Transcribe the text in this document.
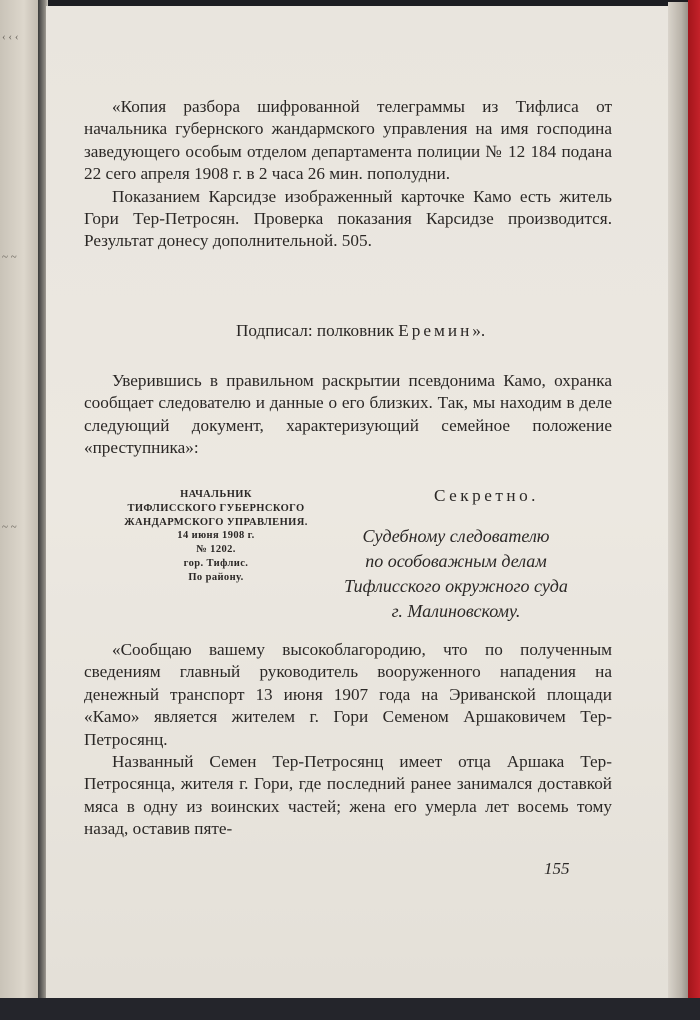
‹ ‹ ‹
~ ~
~ ~

«Копия разбора шифрованной телеграммы из Тифлиса от начальника губернского жандармского управления на имя господина заведующего особым отделом департамента полиции № 12 184 подана 22 сего апреля 1908 г. в 2 часа 26 мин. пополудни.

Показанием Карсидзе изображенный карточке Камо есть житель Гори Тер-Петросян. Проверка показания Карсидзе производится. Результат донесу дополнительной. 505.

Подписал: полковник Еремин».

Уверившись в правильном раскрытии псевдонима Камо, охранка сообщает следователю и данные о его близких. Так, мы находим в деле следующий документ, характеризующий семейное положение «преступника»:

НАЧАЛЬНИК
ТИФЛИССКОГО ГУБЕРНСКОГО
ЖАНДАРМСКОГО УПРАВЛЕНИЯ.
14 июня 1908 г.
№ 1202.
гор. Тифлис.
По району.
Секретно.
Судебному следователю
по особоважным делам
Тифлисского окружного суда
г. Малиновскому.

«Сообщаю вашему высокоблагородию, что по полученным сведениям главный руководитель вооруженного нападения на денежный транспорт 13 июня 1907 года на Эриванской площади «Камо» является жителем г. Гори Семеном Аршаковичем Тер-Петросянц.

Названный Семен Тер-Петросянц имеет отца Аршака Тер-Петросянца, жителя г. Гори, где последний ранее занимался доставкой мяса в одну из воинских частей; жена его умерла лет восемь тому назад, оставив пяте-

155
